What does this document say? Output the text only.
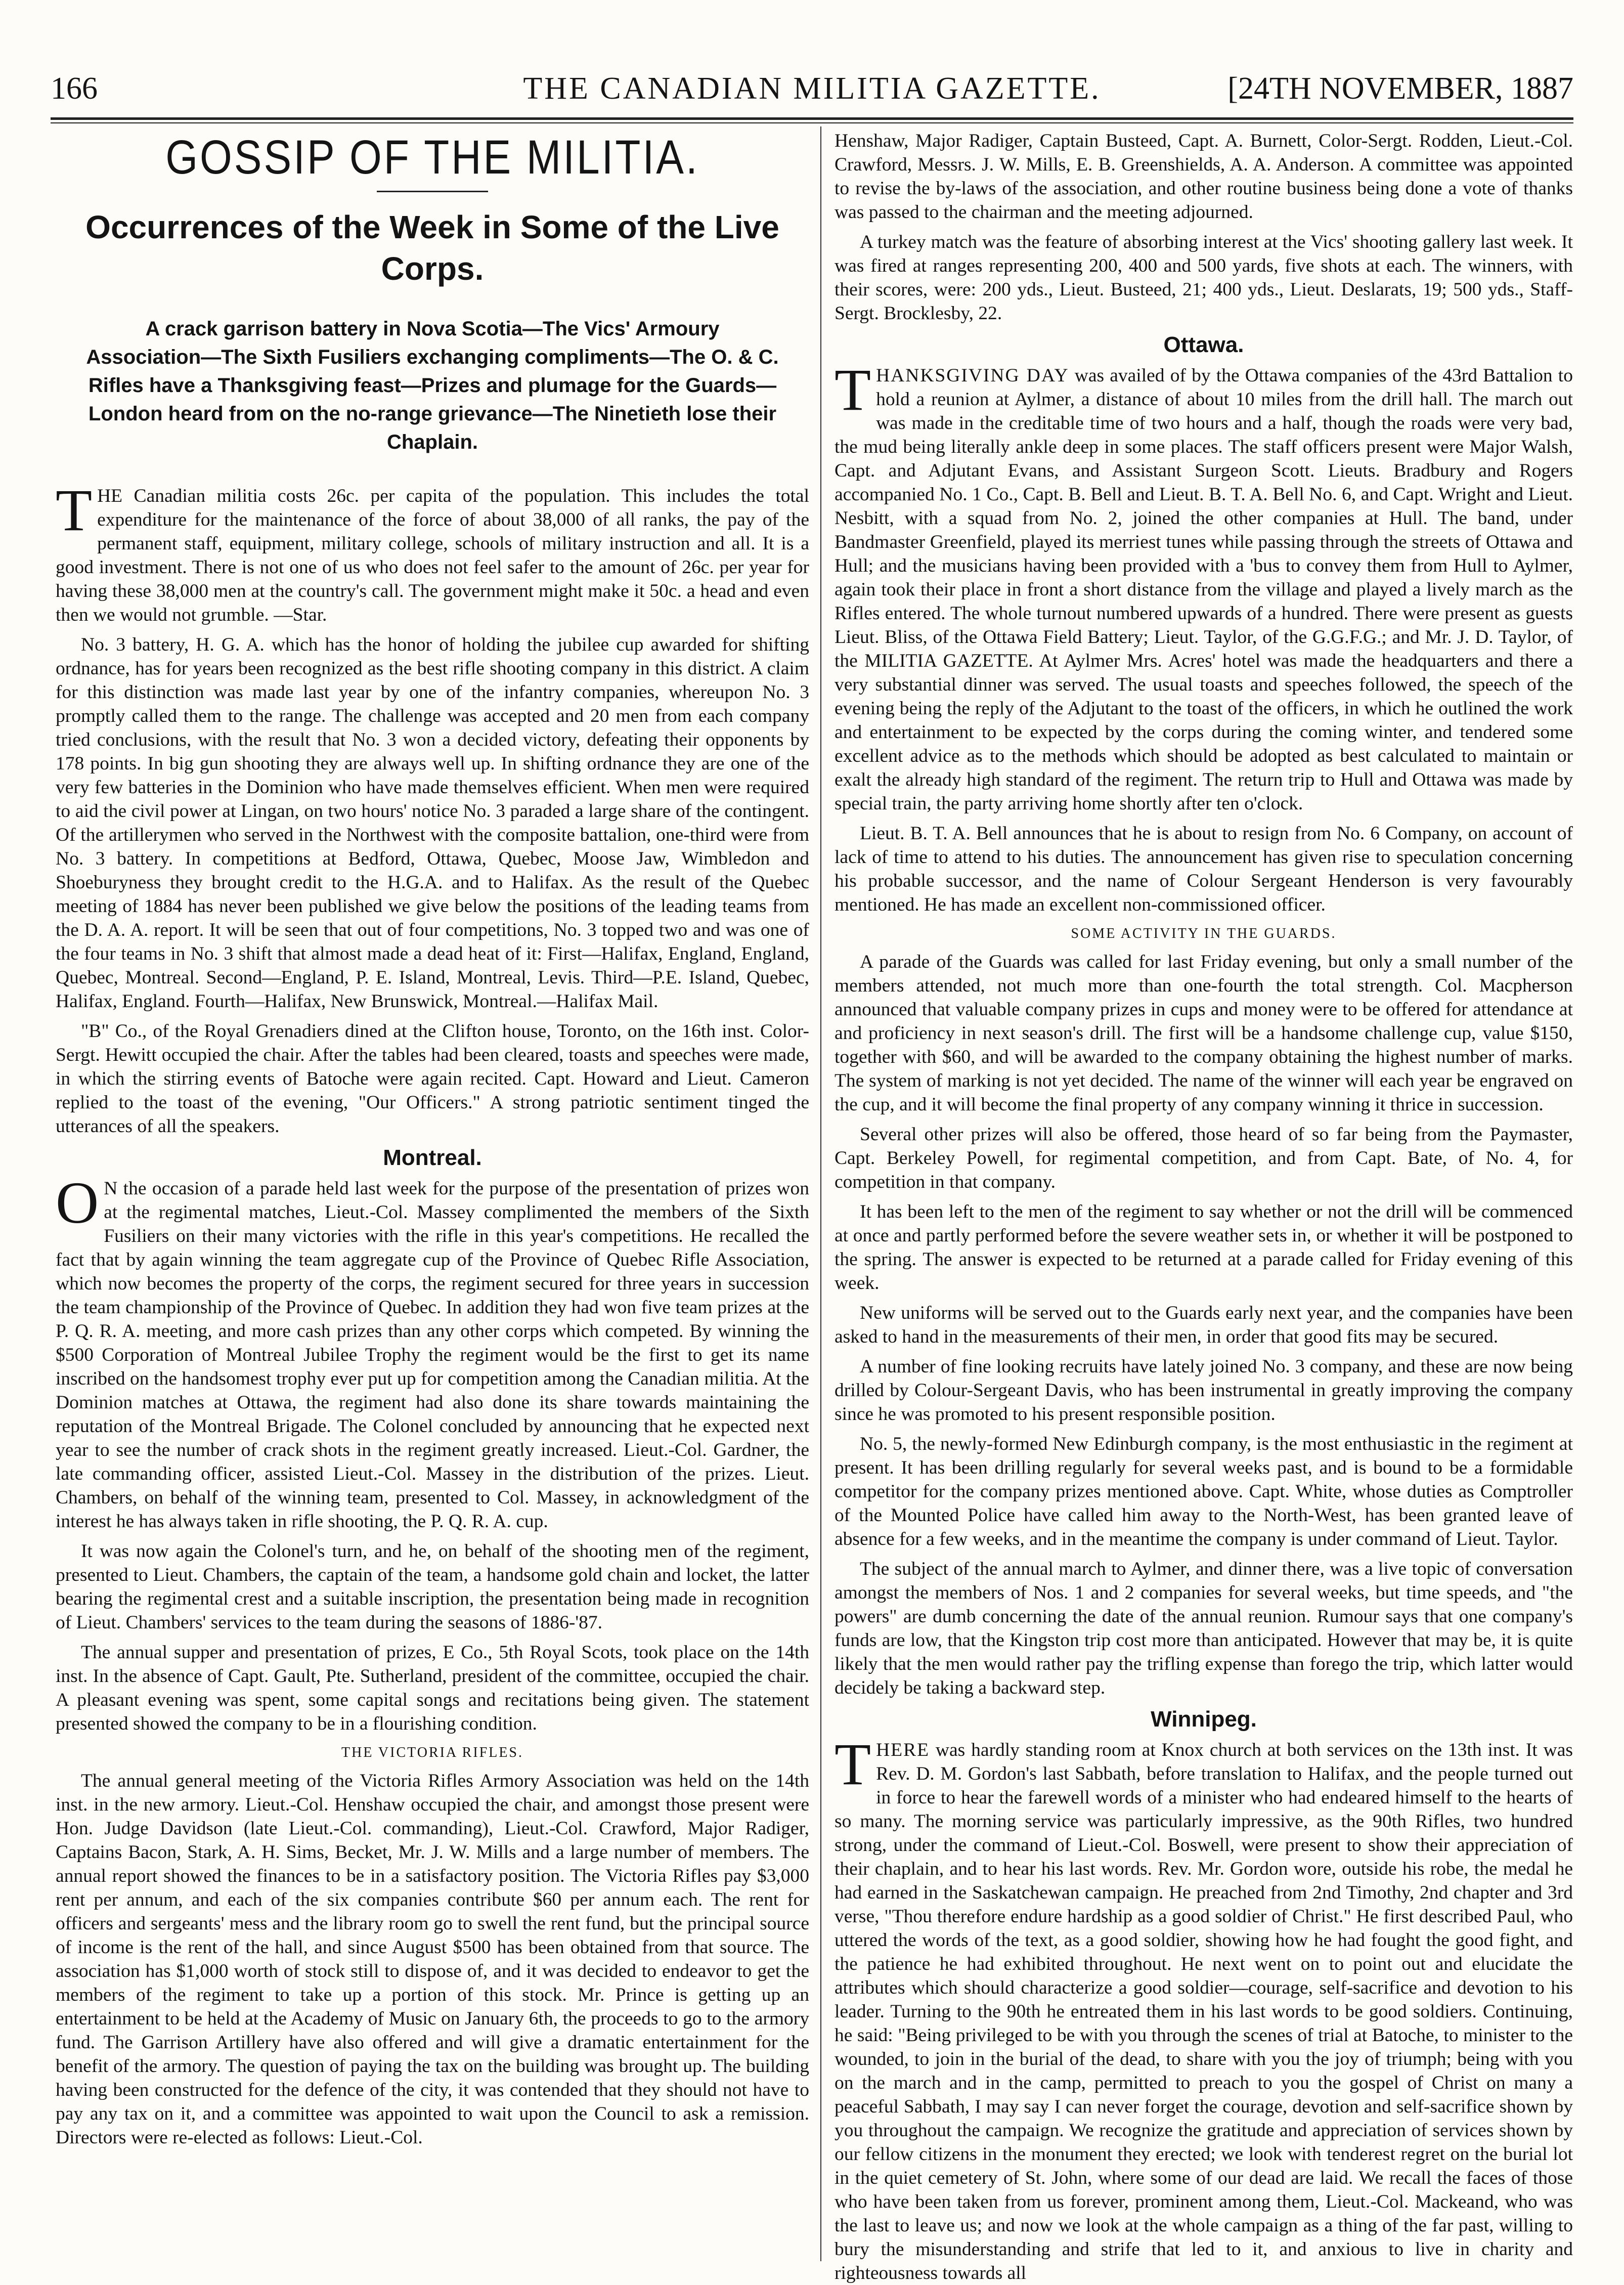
166	THE CANADIAN MILITIA GAZETTE.	[24TH NOVEMBER, 1887
GOSSIP OF THE MILITIA.
Occurrences of the Week in Some of the Live Corps.
A crack garrison battery in Nova Scotia—The Vics' Armoury Association—The Sixth Fusiliers exchanging compliments—The O. & C. Rifles have a Thanksgiving feast—Prizes and plumage for the Guards—London heard from on the no-range grievance—The Ninetieth lose their Chaplain.

THE Canadian militia costs 26c. per capita of the population. This includes the total expenditure for the maintenance of the force of about 38,000 of all ranks, the pay of the permanent staff, equipment, military college, schools of military instruction and all. It is a good investment. There is not one of us who does not feel safer to the amount of 26c. per year for having these 38,000 men at the country's call. The government might make it 50c. a head and even then we would not grumble. —Star.

No. 3 battery, H. G. A. which has the honor of holding the jubilee cup awarded for shifting ordnance, has for years been recognized as the best rifle shooting company in this district. A claim for this distinction was made last year by one of the infantry companies, whereupon No. 3 promptly called them to the range. The challenge was accepted and 20 men from each company tried conclusions, with the result that No. 3 won a decided victory, defeating their opponents by 178 points. In big gun shooting they are always well up. In shifting ordnance they are one of the very few batteries in the Dominion who have made themselves efficient. When men were required to aid the civil power at Lingan, on two hours' notice No. 3 paraded a large share of the contingent. Of the artillerymen who served in the Northwest with the composite battalion, one-third were from No. 3 battery. In competitions at Bedford, Ottawa, Quebec, Moose Jaw, Wimbledon and Shoeburyness they brought credit to the H.G.A. and to Halifax. As the result of the Quebec meeting of 1884 has never been published we give below the positions of the leading teams from the D. A. A. report. It will be seen that out of four competitions, No. 3 topped two and was one of the four teams in No. 3 shift that almost made a dead heat of it: First—Halifax, England, England, Quebec, Montreal. Second—England, P. E. Island, Montreal, Levis. Third—P.E. Island, Quebec, Halifax, England. Fourth—Halifax, New Brunswick, Montreal.—Halifax Mail.

"B" Co., of the Royal Grenadiers dined at the Clifton house, Toronto, on the 16th inst. Color-Sergt. Hewitt occupied the chair. After the tables had been cleared, toasts and speeches were made, in which the stirring events of Batoche were again recited. Capt. Howard and Lieut. Cameron replied to the toast of the evening, "Our Officers." A strong patriotic sentiment tinged the utterances of all the speakers.

Montreal.

O N the occasion of a parade held last week for the purpose of the presentation of prizes won at the regimental matches, Lieut.-Col. Massey complimented the members of the Sixth Fusiliers on their many victories with the rifle in this year's competitions. He recalled the fact that by again winning the team aggregate cup of the Province of Quebec Rifle Association, which now becomes the property of the corps, the regiment secured for three years in succession the team championship of the Province of Quebec. In addition they had won five team prizes at the P. Q. R. A. meeting, and more cash prizes than any other corps which competed. By winning the $500 Corporation of Montreal Jubilee Trophy the regiment would be the first to get its name inscribed on the handsomest trophy ever put up for competition among the Canadian militia. At the Dominion matches at Ottawa, the regiment had also done its share towards maintaining the reputation of the Montreal Brigade. The Colonel concluded by announcing that he expected next year to see the number of crack shots in the regiment greatly increased. Lieut.-Col. Gardner, the late commanding officer, assisted Lieut.-Col. Massey in the distribution of the prizes. Lieut. Chambers, on behalf of the winning team, presented to Col. Massey, in acknowledgment of the interest he has always taken in rifle shooting, the P. Q. R. A. cup.

It was now again the Colonel's turn, and he, on behalf of the shooting men of the regiment, presented to Lieut. Chambers, the captain of the team, a handsome gold chain and locket, the latter bearing the regimental crest and a suitable inscription, the presentation being made in recognition of Lieut. Chambers' services to the team during the seasons of 1886-'87.

The annual supper and presentation of prizes, E Co., 5th Royal Scots, took place on the 14th inst. In the absence of Capt. Gault, Pte. Sutherland, president of the committee, occupied the chair. A pleasant evening was spent, some capital songs and recitations being given. The statement presented showed the company to be in a flourishing condition.

THE VICTORIA RIFLES.

The annual general meeting of the Victoria Rifles Armory Association was held on the 14th inst. in the new armory. Lieut.-Col. Henshaw occupied the chair, and amongst those present were Hon. Judge Davidson (late Lieut.-Col. commanding), Lieut.-Col. Crawford, Major Radiger, Captains Bacon, Stark, A. H. Sims, Becket, Mr. J. W. Mills and a large number of members. The annual report showed the finances to be in a satisfactory position. The Victoria Rifles pay $3,000 rent per annum, and each of the six companies contribute $60 per annum each. The rent for officers and sergeants' mess and the library room go to swell the rent fund, but the principal source of income is the rent of the hall, and since August $500 has been obtained from that source. The association has $1,000 worth of stock still to dispose of, and it was decided to endeavor to get the members of the regiment to take up a portion of this stock. Mr. Prince is getting up an entertainment to be held at the Academy of Music on January 6th, the proceeds to go to the armory fund. The Garrison Artillery have also offered and will give a dramatic entertainment for the benefit of the armory. The question of paying the tax on the building was brought up. The building having been constructed for the defence of the city, it was contended that they should not have to pay any tax on it, and a committee was appointed to wait upon the Council to ask a remission. Directors were re-elected as follows: Lieut.-Col.

Henshaw, Major Radiger, Captain Busteed, Capt. A. Burnett, Color-Sergt. Rodden, Lieut.-Col. Crawford, Messrs. J. W. Mills, E. B. Greenshields, A. A. Anderson. A committee was appointed to revise the by-laws of the association, and other routine business being done a vote of thanks was passed to the chairman and the meeting adjourned.

A turkey match was the feature of absorbing interest at the Vics' shooting gallery last week. It was fired at ranges representing 200, 400 and 500 yards, five shots at each. The winners, with their scores, were: 200 yds., Lieut. Busteed, 21; 400 yds., Lieut. Deslarats, 19; 500 yds., Staff-Sergt. Brocklesby, 22.

Ottawa.

THANKSGIVING DAY was availed of by the Ottawa companies of the 43rd Battalion to hold a reunion at Aylmer, a distance of about 10 miles from the drill hall. The march out was made in the creditable time of two hours and a half, though the roads were very bad, the mud being literally ankle deep in some places. The staff officers present were Major Walsh, Capt. and Adjutant Evans, and Assistant Surgeon Scott. Lieuts. Bradbury and Rogers accompanied No. 1 Co., Capt. B. Bell and Lieut. B. T. A. Bell No. 6, and Capt. Wright and Lieut. Nesbitt, with a squad from No. 2, joined the other companies at Hull. The band, under Bandmaster Greenfield, played its merriest tunes while passing through the streets of Ottawa and Hull; and the musicians having been provided with a 'bus to convey them from Hull to Aylmer, again took their place in front a short distance from the village and played a lively march as the Rifles entered. The whole turnout numbered upwards of a hundred. There were present as guests Lieut. Bliss, of the Ottawa Field Battery; Lieut. Taylor, of the G.G.F.G.; and Mr. J. D. Taylor, of the MILITIA GAZETTE. At Aylmer Mrs. Acres' hotel was made the headquarters and there a very substantial dinner was served. The usual toasts and speeches followed, the speech of the evening being the reply of the Adjutant to the toast of the officers, in which he outlined the work and entertainment to be expected by the corps during the coming winter, and tendered some excellent advice as to the methods which should be adopted as best calculated to maintain or exalt the already high standard of the regiment. The return trip to Hull and Ottawa was made by special train, the party arriving home shortly after ten o'clock.

Lieut. B. T. A. Bell announces that he is about to resign from No. 6 Company, on account of lack of time to attend to his duties. The announcement has given rise to speculation concerning his probable successor, and the name of Colour Sergeant Henderson is very favourably mentioned. He has made an excellent non-commissioned officer.

SOME ACTIVITY IN THE GUARDS.

A parade of the Guards was called for last Friday evening, but only a small number of the members attended, not much more than one-fourth the total strength. Col. Macpherson announced that valuable company prizes in cups and money were to be offered for attendance at and proficiency in next season's drill. The first will be a handsome challenge cup, value $150, together with $60, and will be awarded to the company obtaining the highest number of marks. The system of marking is not yet decided. The name of the winner will each year be engraved on the cup, and it will become the final property of any company winning it thrice in succession.

Several other prizes will also be offered, those heard of so far being from the Paymaster, Capt. Berkeley Powell, for regimental competition, and from Capt. Bate, of No. 4, for competition in that company.

It has been left to the men of the regiment to say whether or not the drill will be commenced at once and partly performed before the severe weather sets in, or whether it will be postponed to the spring. The answer is expected to be returned at a parade called for Friday evening of this week.

New uniforms will be served out to the Guards early next year, and the companies have been asked to hand in the measurements of their men, in order that good fits may be secured.

A number of fine looking recruits have lately joined No. 3 company, and these are now being drilled by Colour-Sergeant Davis, who has been instrumental in greatly improving the company since he was promoted to his present responsible position.

No. 5, the newly-formed New Edinburgh company, is the most enthusiastic in the regiment at present. It has been drilling regularly for several weeks past, and is bound to be a formidable competitor for the company prizes mentioned above. Capt. White, whose duties as Comptroller of the Mounted Police have called him away to the North-West, has been granted leave of absence for a few weeks, and in the meantime the company is under command of Lieut. Taylor.

The subject of the annual march to Aylmer, and dinner there, was a live topic of conversation amongst the members of Nos. 1 and 2 companies for several weeks, but time speeds, and "the powers" are dumb concerning the date of the annual reunion. Rumour says that one company's funds are low, that the Kingston trip cost more than anticipated. However that may be, it is quite likely that the men would rather pay the trifling expense than forego the trip, which latter would decidely be taking a backward step.

Winnipeg.

THERE was hardly standing room at Knox church at both services on the 13th inst. It was Rev. D. M. Gordon's last Sabbath, before translation to Halifax, and the people turned out in force to hear the farewell words of a minister who had endeared himself to the hearts of so many. The morning service was particularly impressive, as the 90th Rifles, two hundred strong, under the command of Lieut.-Col. Boswell, were present to show their appreciation of their chaplain, and to hear his last words. Rev. Mr. Gordon wore, outside his robe, the medal he had earned in the Saskatchewan campaign. He preached from 2nd Timothy, 2nd chapter and 3rd verse, "Thou therefore endure hardship as a good soldier of Christ." He first described Paul, who uttered the words of the text, as a good soldier, showing how he had fought the good fight, and the patience he had exhibited throughout. He next went on to point out and elucidate the attributes which should characterize a good soldier—courage, self-sacrifice and devotion to his leader. Turning to the 90th he entreated them in his last words to be good soldiers. Continuing, he said: "Being privileged to be with you through the scenes of trial at Batoche, to minister to the wounded, to join in the burial of the dead, to share with you the joy of triumph; being with you on the march and in the camp, permitted to preach to you the gospel of Christ on many a peaceful Sabbath, I may say I can never forget the courage, devotion and self-sacrifice shown by you throughout the campaign. We recognize the gratitude and appreciation of services shown by our fellow citizens in the monument they erected; we look with tenderest regret on the burial lot in the quiet cemetery of St. John, where some of our dead are laid. We recall the faces of those who have been taken from us forever, prominent among them, Lieut.-Col. Mackeand, who was the last to leave us; and now we look at the whole campaign as a thing of the far past, willing to bury the misunderstanding and strife that led to it, and anxious to live in charity and righteousness towards all
